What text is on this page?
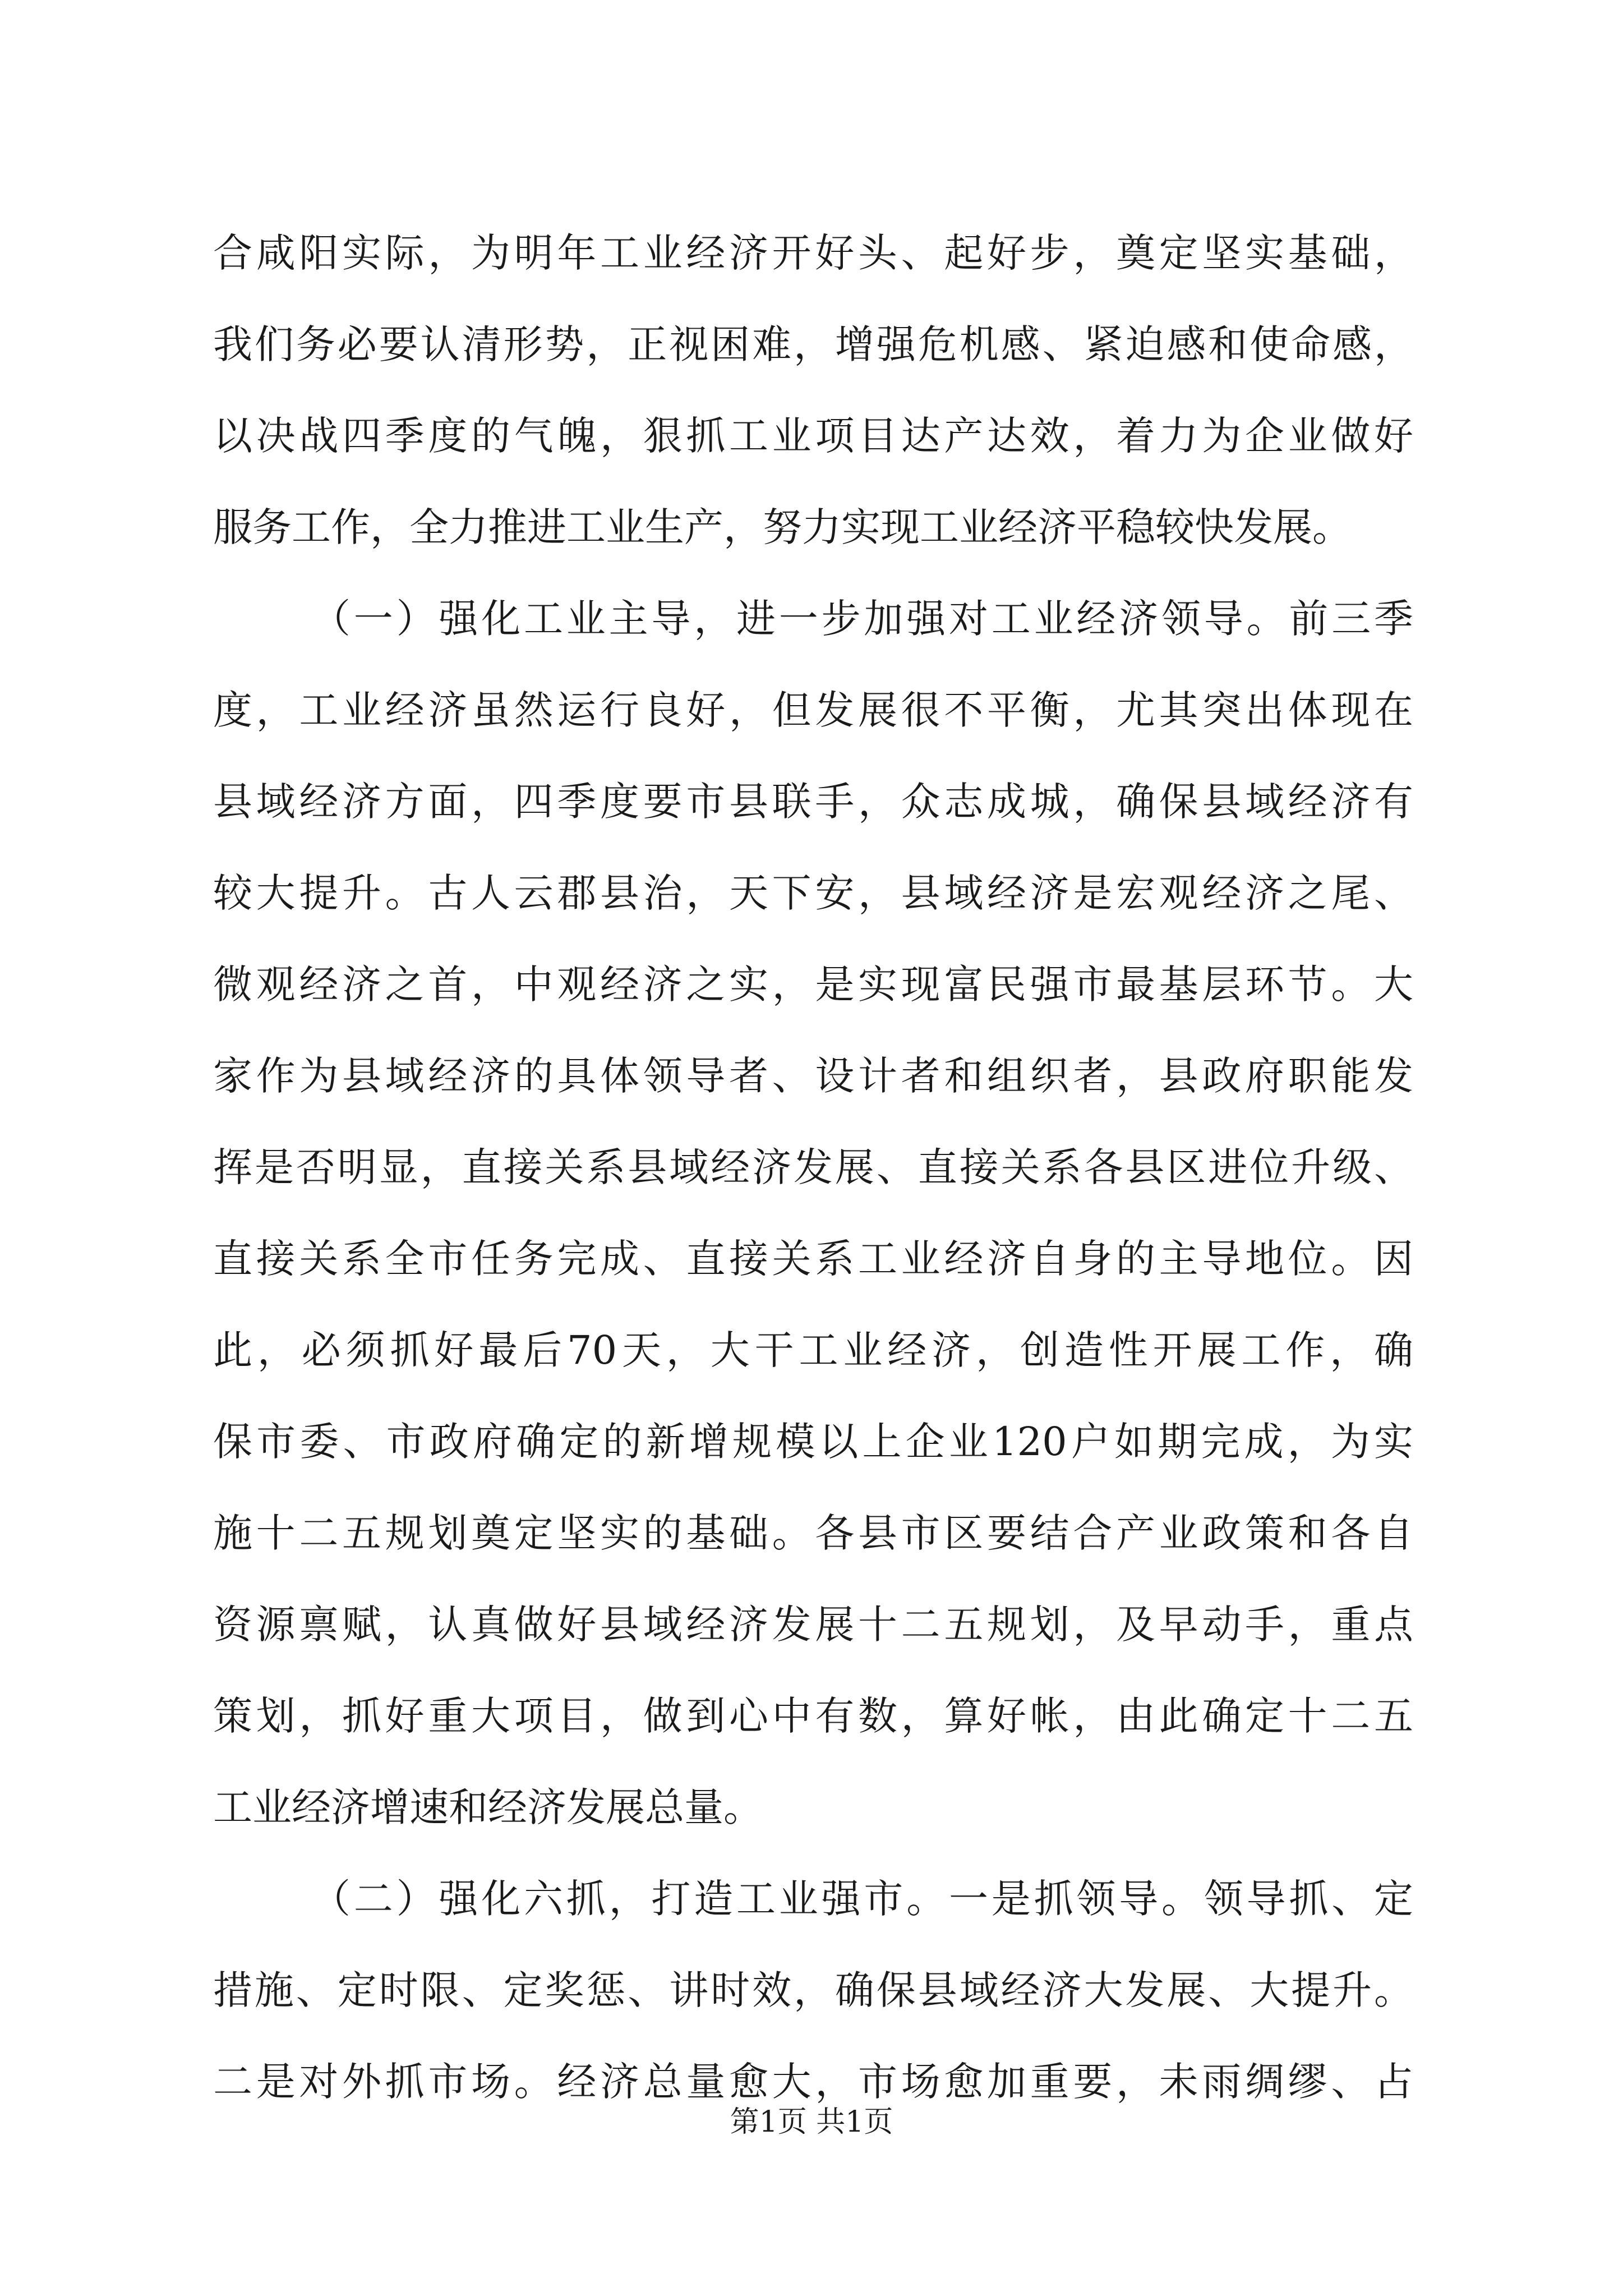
合咸阳实际，为明年工业经济开好头、起好步，奠定坚实基础，
我们务必要认清形势，正视困难，增强危机感、紧迫感和使命感，
以决战四季度的气魄，狠抓工业项目达产达效，着力为企业做好
服务工作，全力推进工业生产，努力实现工业经济平稳较快发展。
（一）强化工业主导，进一步加强对工业经济领导。前三季
度，工业经济虽然运行良好，但发展很不平衡，尤其突出体现在
县域经济方面，四季度要市县联手，众志成城，确保县域经济有
较大提升。古人云郡县治，天下安，县域经济是宏观经济之尾、
微观经济之首，中观经济之实，是实现富民强市最基层环节。大
家作为县域经济的具体领导者、设计者和组织者，县政府职能发
挥是否明显，直接关系县域经济发展、直接关系各县区进位升级、
直接关系全市任务完成、直接关系工业经济自身的主导地位。因
此，必须抓好最后70天，大干工业经济，创造性开展工作，确
保市委、市政府确定的新增规模以上企业120户如期完成，为实
施十二五规划奠定坚实的基础。各县市区要结合产业政策和各自
资源禀赋，认真做好县域经济发展十二五规划，及早动手，重点
策划，抓好重大项目，做到心中有数，算好帐，由此确定十二五
工业经济增速和经济发展总量。
（二）强化六抓，打造工业强市。一是抓领导。领导抓、定
措施、定时限、定奖惩、讲时效，确保县域经济大发展、大提升。
二是对外抓市场。经济总量愈大，市场愈加重要，未雨绸缪、占
第1页 共1页
